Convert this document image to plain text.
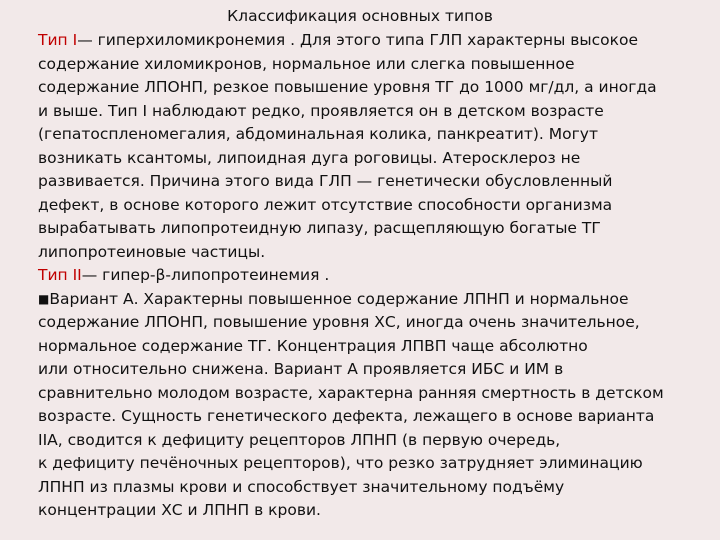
Классификация основных типов
Тип I— гиперхиломикронемия . Для этого типа ГЛП характерны высокое
содержание хиломикронов, нормальное или слегка повышенное
содержание ЛПОНП, резкое повышение уровня ТГ до 1000 мг/дл, а иногда
и выше. Тип I наблюдают редко, проявляется он в детском возрасте
(гепатоспленомегалия, абдоминальная колика, панкреатит). Могут
возникать ксантомы, липоидная дуга роговицы. Атеросклероз не
развивается. Причина этого вида ГЛП — генетически обусловленный
дефект, в основе которого лежит отсутствие способности организма
вырабатывать липопротеидную липазу, расщепляющую богатые ТГ
липопротеиновые частицы.
Тип II— гипер-β-липопротеинемия .
■Вариант А. Характерны повышенное содержание ЛПНП и нормальное
содержание ЛПОНП, повышение уровня ХС, иногда очень значительное,
нормальное содержание ТГ. Концентрация ЛПВП чаще абсолютно
или относительно снижена. Вариант А проявляется ИБС и ИМ в
сравнительно молодом возрасте, характерна ранняя смертность в детском
возрасте. Сущность генетического дефекта, лежащего в основе варианта
IIA, сводится к дефициту рецепторов ЛПНП (в первую очередь,
к дефициту печёночных рецепторов), что резко затрудняет элиминацию
ЛПНП из плазмы крови и способствует значительному подъёму
концентрации ХС и ЛПНП в крови.
